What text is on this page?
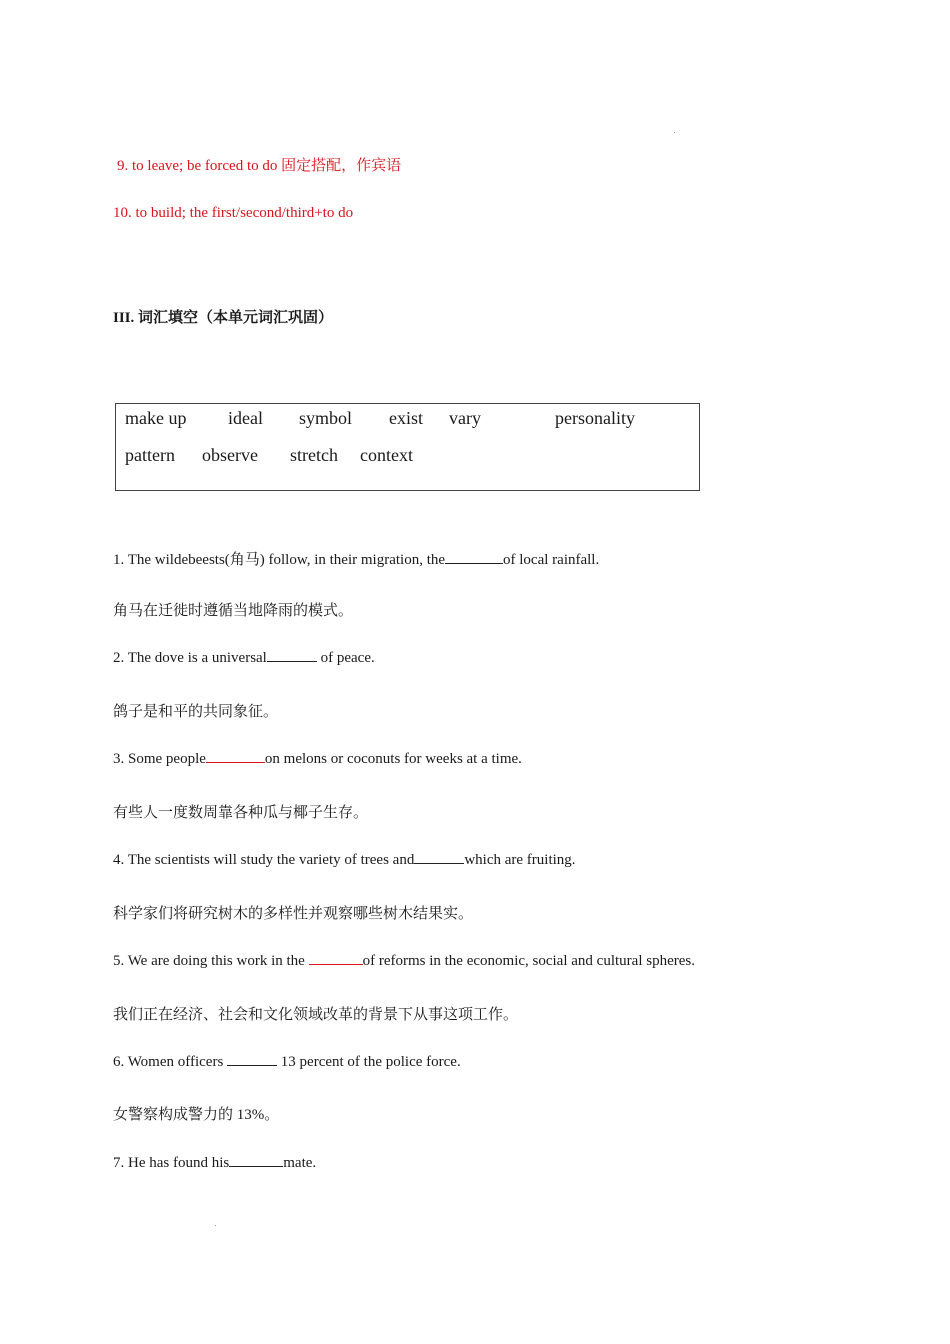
9. to leave; be forced to do 固定搭配，作宾语
10. to build; the first/second/third+to do
III. 词汇填空（本单元词汇巩固）
make up ideal symbol exist vary	personality
pattern observe stretch context
1. The wildebeests(角马) follow, in their migration, the	of local rainfall.
角马在迁徙时遵循当地降雨的模式。
2. The dove is a universal	of peace.
鸽子是和平的共同象征。
3. Some people	on melons or coconuts for weeks at a time.
有些人一度数周靠各种瓜与椰子生存。
4. The scientists will study the variety of trees and	which are fruiting.
科学家们将研究树木的多样性并观察哪些树木结果实。
5. We are doing this work in the	of reforms in the economic, social and cultural spheres.
我们正在经济、社会和文化领域改革的背景下从事这项工作。
6. Women officers	13 percent of the police force.
女警察构成警力的 13%。
7. He has found his	mate.
